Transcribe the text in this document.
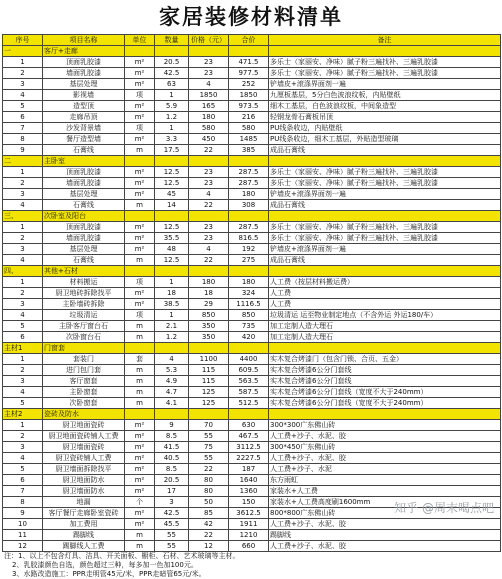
家居装修材料清单
序号	项目名称	单位	数量	价格（元）	合价	备注
一	客厅+走廊					
1	顶面乳胶漆	m²	20.5	23	471.5	多乐士（家丽安、净味）腻子粉三遍找补、三遍乳胶漆
2	墙面乳胶漆	m²	42.5	23	977.5	多乐士（家丽安、净味）腻子粉三遍找补、三遍乳胶漆
3	基层处理	m²	63	4	252	铲墙皮+滚涤界面剂一遍
4	影视墙	项	1	1850	1850	九厘板基层，5分白色波浪纹板，内贴壁纸
5	造型顶	m²	5.9	165	973.5	细木工基层，白色波浪纹板，中间象造型
6	走廊吊顶	m²	1.2	180	216	轻钢龙骨石膏板吊顶
7	沙发背景墙	项	1	580	580	PU线条收边，内贴壁纸
8	餐厅造型墙	m²	3.3	450	1485	PU线条收边，细木工基层，外贴造型玻璃
9	石膏线	m	17.5	22	385	成品石膏线
二	主卧室					
1	顶面乳胶漆	m²	12.5	23	287.5	多乐士（家丽安、净味）腻子粉三遍找补、三遍乳胶漆
2	墙面乳胶漆	m²	12.5	23	287.5	多乐士（家丽安、净味）腻子粉三遍找补、三遍乳胶漆
3	基层处理	m²	45	4	180	铲墙皮+滚涤界面剂一遍
4	石膏线	m	14	22	308	成品石膏线
三、	次卧室及阳台					
1	顶面乳胶漆	m²	12.5	23	287.5	多乐士（家丽安、净味）腻子粉三遍找补、三遍乳胶漆
2	墙面乳胶漆	m²	35.5	23	816.5	多乐士（家丽安、净味）腻子粉三遍找补、三遍乳胶漆
3	基层处理	m²	48	4	192	铲墙皮+滚涤界面剂一遍
4	石膏线	m	12.5	22	275	成品石膏线
四、	其他+石材					
1	材料搬运	项	1	180	180	人工费（按层材料搬运费）
2	厨卫地砖拆除找平	m²	18	18	324	人工费
3	主卧墙砖拆除	m²	38.5	29	1116.5	人工费
4	垃圾清运	项	1	850	850	垃圾清运 运至物业制定地点（不含外运 外运180/车）
5	主卧客厅窗台石	m	2.1	350	735	加工定制人造大理石
6	次卧窗台石	m	1.2	350	420	加工定制人造大理石
主材1	门窗套					
1	套装门	套	4	1100	4400	实木复合烤漆门（包含门锁、合页、五金）
2	进门包门套	m	5.3	115	609.5	实木复合烤漆6公分门套线
3	客厅窗套	m	4.9	115	563.5	实木复合烤漆6公分门套线
4	主卧窗套	m	4.7	125	587.5	实木复合烤漆6公分门套线（宽度不大于240mm）
5	次卧窗套	m	4.1	125	512.5	实木复合烤漆6公分门套线（宽度不大于240mm）
主材2	瓷砖及防水					
1	厨卫地面瓷砖	m²	9	70	630	300*300广东佛山砖
2	厨卫地面瓷砖铺人工费	m²	8.5	55	467.5	人工费+沙子、水泥、胶
3	厨卫墙面瓷砖	m²	41.5	75	3112.5	300*450广东佛山砖
4	厨卫瓷砖铺人工费	m²	40.5	55	2227.5	人工费+沙子、水泥、胶
5	厨卫墙面拆除找平	m²	8.5	22	187	人工费+沙子、水泥
6	厨卫地面防水	m²	20.5	80	1640	东方雨虹
7	厨卫墙面防水	m²	17	80	1360	家装水+人工费
8	地漏	个	3	50	150	家装水+人工费高度刷1600mm
9	客厅餐厅走廊卧室瓷砖	m²	42.5	85	3612.5	800*800广东佛山砖
10	加工费用	m²	45.5	42	1911	人工费+沙子、水泥、胶
11	踢脚线	m	55	22	1210	踢脚线
12	踢脚线人工费	m	55	12	660	人工费+沙子、水泥、胶
注：1、以上不包含灯具、洁具、开关面板、橱柜、石材、艺术玻璃等主材。
2、乳胶漆颜色自选，颜色超过三种，每多加一色加100元。
3、水路改造施工：PPR走明管45元/米，PPR走暗管65元/米。
知乎 @周末喝点吧
